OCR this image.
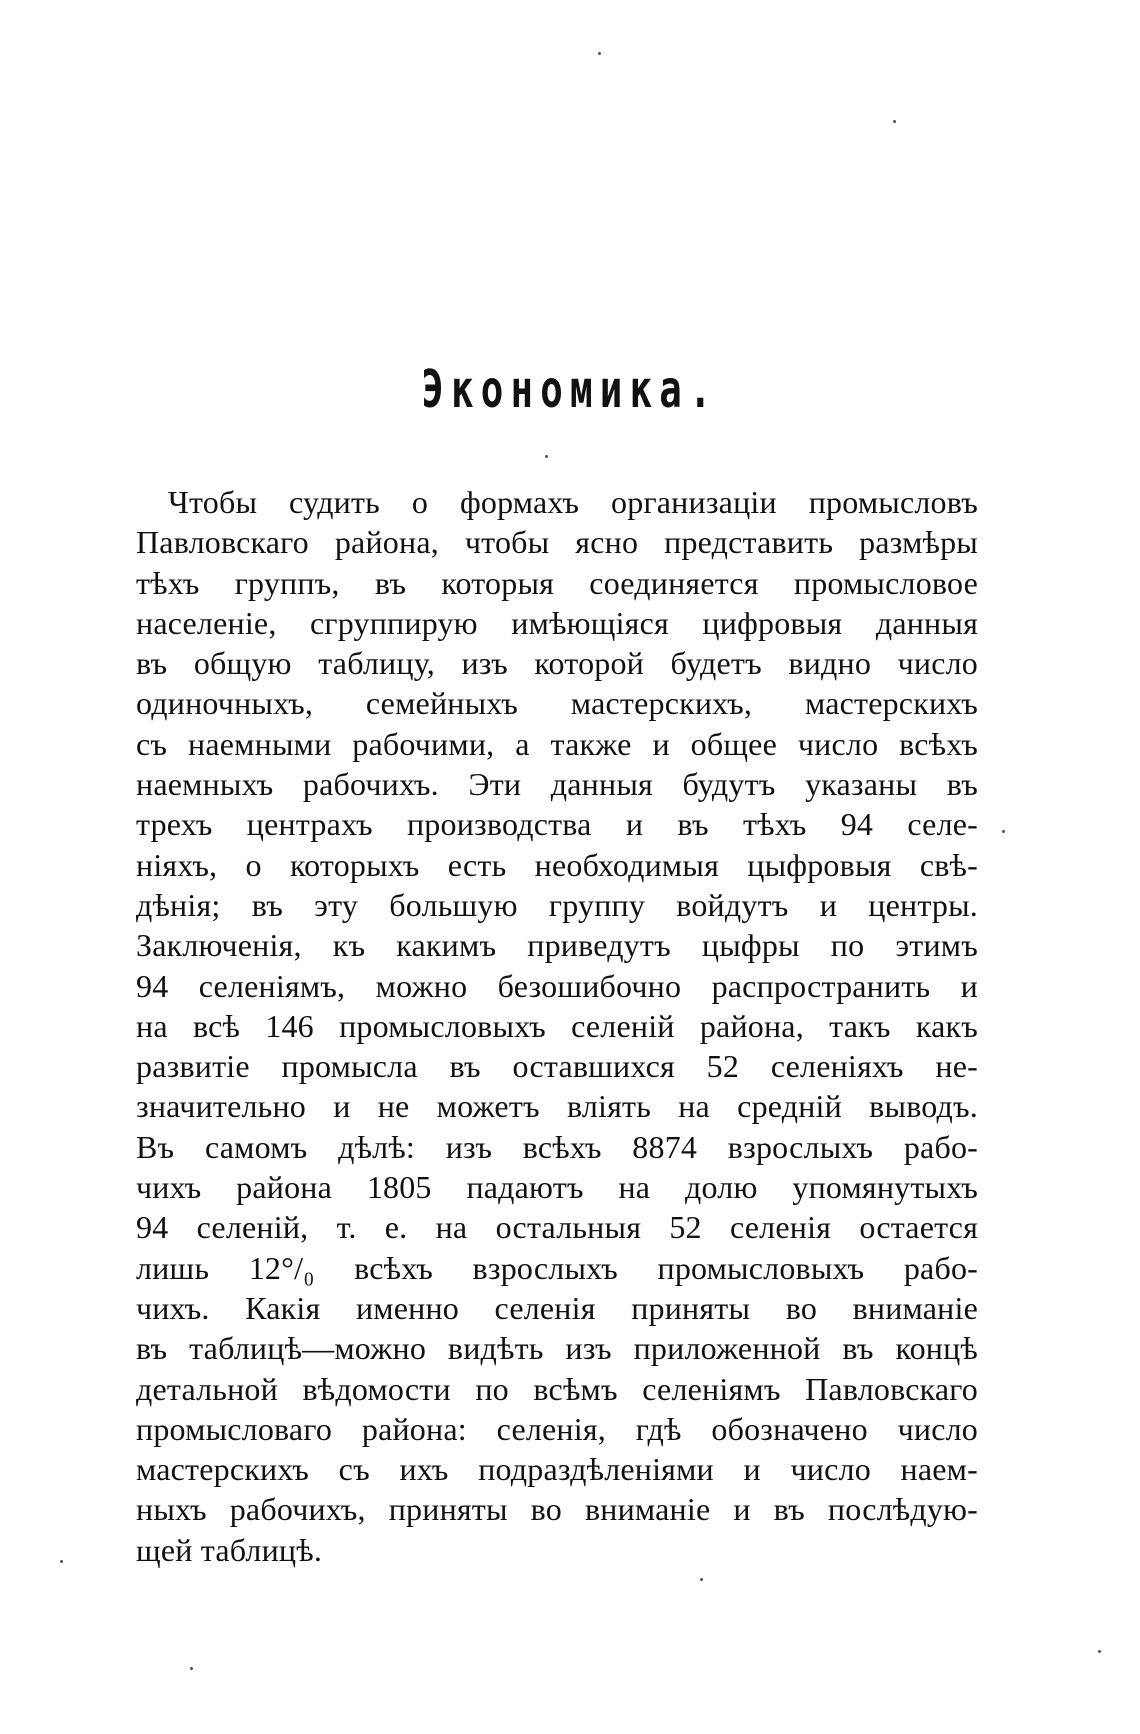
Экономика.
Чтобы судить о формахъ организаціи промысловъ
Павловскаго района, чтобы ясно представить размѣры
тѣхъ группъ, въ которыя соединяется промысловое
населеніе, сгруппирую имѣющіяся цифровыя данныя
въ общую таблицу, изъ которой будетъ видно число
одиночныхъ, семейныхъ мастерскихъ, мастерскихъ
съ наемными рабочими, а также и общее число всѣхъ
наемныхъ рабочихъ. Эти данныя будутъ указаны въ
трехъ центрахъ производства и въ тѣхъ 94 селе-
ніяхъ, о которыхъ есть необходимыя цыфровыя свѣ-
дѣнія; въ эту большую группу войдутъ и центры.
Заключенія, къ какимъ приведутъ цыфры по этимъ
94 селеніямъ, можно безошибочно распространить и
на всѣ 146 промысловыхъ селеній района, такъ какъ
развитіе промысла въ оставшихся 52 селеніяхъ не-
значительно и не можетъ вліять на средній выводъ.
Въ самомъ дѣлѣ: изъ всѣхъ 8874 взрослыхъ рабо-
чихъ района 1805 падаютъ на долю упомянутыхъ
94 селеній, т. е. на остальныя 52 селенія остается
лишь 12°/₀ всѣхъ взрослыхъ промысловыхъ рабо-
чихъ. Какія именно селенія приняты во вниманіе
въ таблицѣ—можно видѣть изъ приложенной въ концѣ
детальной вѣдомости по всѣмъ селеніямъ Павловскаго
промысловаго района: селенія, гдѣ обозначено число
мастерскихъ съ ихъ подраздѣленіями и число наем-
ныхъ рабочихъ, приняты во вниманіе и въ послѣдую-
щей таблицѣ.
